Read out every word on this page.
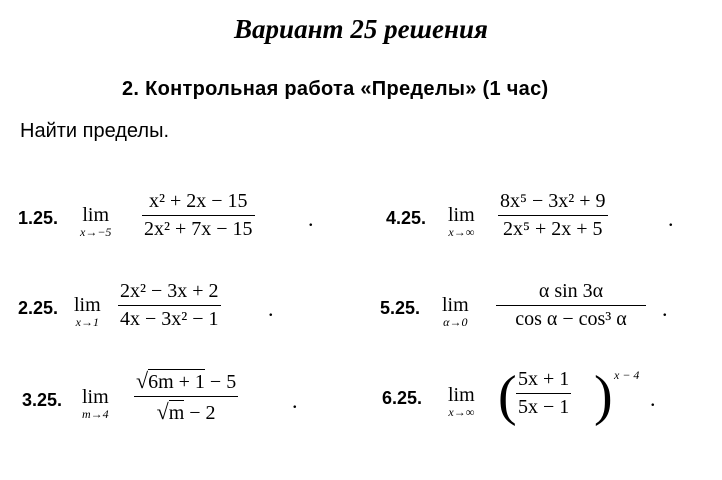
Вариант 25 решения
2. Контрольная работа «Пределы» (1 час)
Найти пределы.
1.25. lim
x→−5
x² + 2x − 15
2x² + 7x − 15	.
2.25. lim
x→1
2x² − 3x + 2
4x − 3x² − 1 .
3.25. lim
m→4
√6m + 1 − 5
√m − 2	.
4.25. lim
x→∞
8x⁵ − 3x² + 9
2x⁵ + 2x + 5	.
5.25. lim
α→0
α sin 3α
cos α − cos³ α	.
6.25. lim
x→∞ ( 5x + 1
5x − 1 ) x − 4
.
